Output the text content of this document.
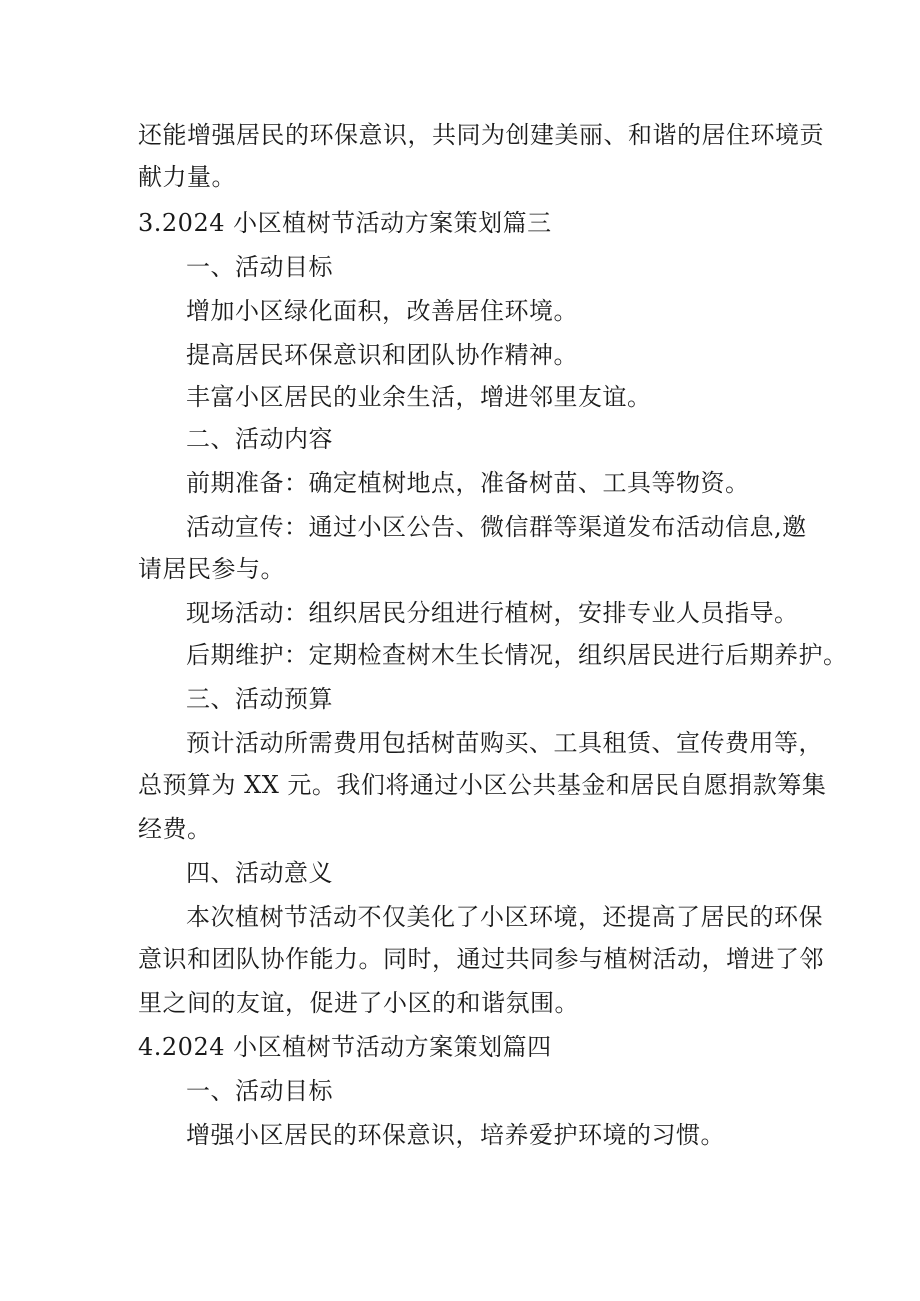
还能增强居民的环保意识，共同为创建美丽、和谐的居住环境贡

献力量。

3.2024 小区植树节活动方案策划篇三

一、活动目标

增加小区绿化面积，改善居住环境。

提高居民环保意识和团队协作精神。

丰富小区居民的业余生活，增进邻里友谊。

二、活动内容

前期准备：确定植树地点，准备树苗、工具等物资。

活动宣传：通过小区公告、微信群等渠道发布活动信息,邀

请居民参与。

现场活动：组织居民分组进行植树，安排专业人员指导。

后期维护：定期检查树木生长情况，组织居民进行后期养护。

三、活动预算

预计活动所需费用包括树苗购买、工具租赁、宣传费用等，

总预算为 XX 元。我们将通过小区公共基金和居民自愿捐款筹集

经费。

四、活动意义

本次植树节活动不仅美化了小区环境，还提高了居民的环保

意识和团队协作能力。同时，通过共同参与植树活动，增进了邻

里之间的友谊，促进了小区的和谐氛围。

4.2024 小区植树节活动方案策划篇四

一、活动目标

增强小区居民的环保意识，培养爱护环境的习惯。
